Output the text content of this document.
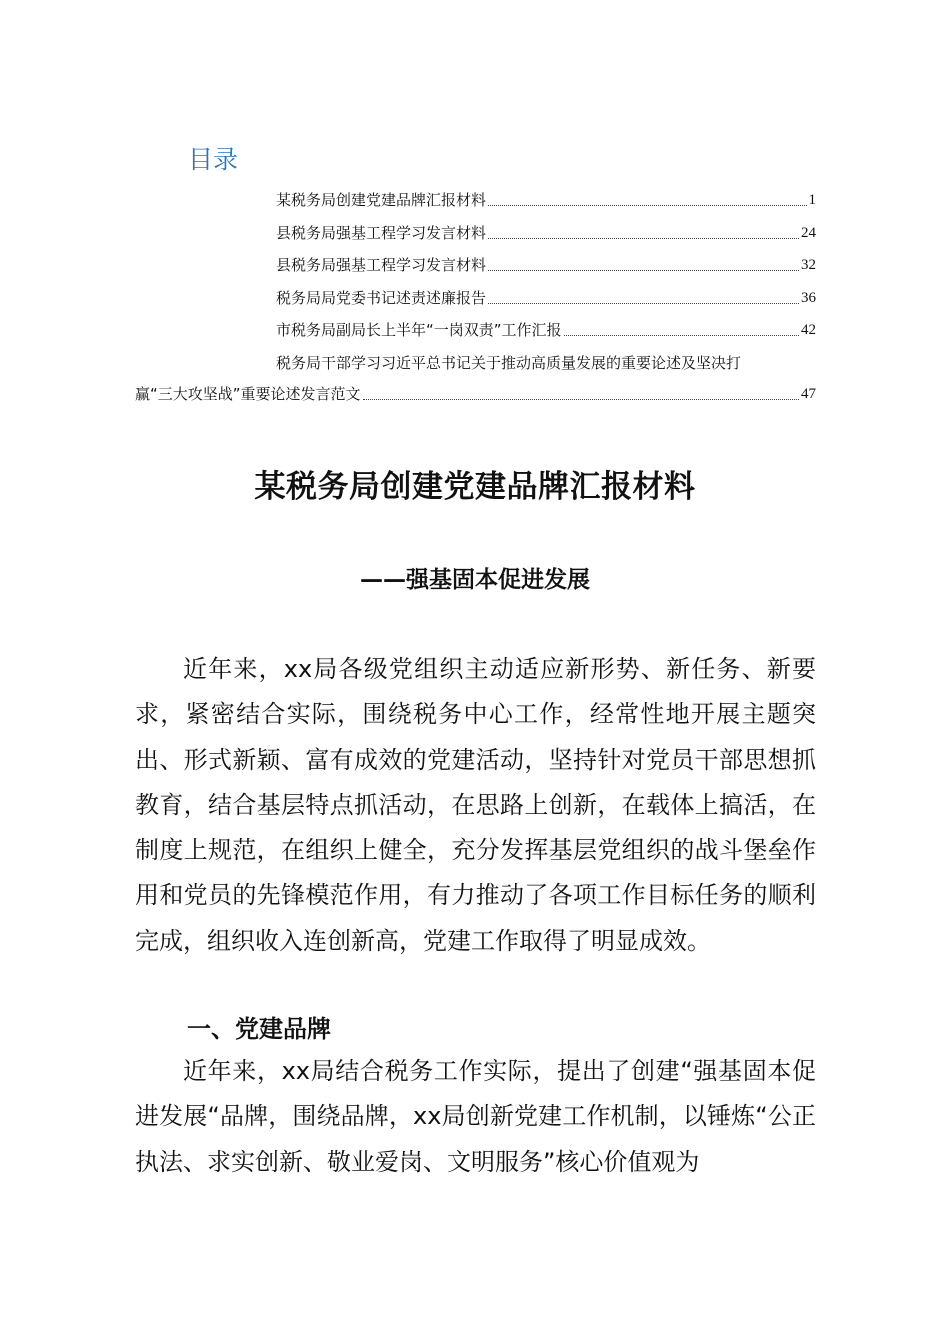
目录
某税务局创建党建品牌汇报材料	1
县税务局强基工程学习发言材料	24
县税务局强基工程学习发言材料	32
税务局局党委书记述责述廉报告	36
市税务局副局长上半年“一岗双责”工作汇报	42
税务局干部学习习近平总书记关于推动高质量发展的重要论述及坚决打
赢“三大攻坚战”重要论述发言范文	47
某税务局创建党建品牌汇报材料
——强基固本促进发展

近年来，xx局各级党组织主动适应新形势、新任务、新要求，紧密结合实际，围绕税务中心工作，经常性地开展主题突出、形式新颖、富有成效的党建活动，坚持针对党员干部思想抓教育，结合基层特点抓活动，在思路上创新，在载体上搞活，在制度上规范，在组织上健全，充分发挥基层党组织的战斗堡垒作用和党员的先锋模范作用，有力推动了各项工作目标任务的顺利完成，组织收入连创新高，党建工作取得了明显成效。

一、党建品牌

近年来，xx局结合税务工作实际，提出了创建“强基固本促进发展“品牌，围绕品牌，xx局创新党建工作机制，以锤炼“公正执法、求实创新、敬业爱岗、文明服务”核心价值观为
